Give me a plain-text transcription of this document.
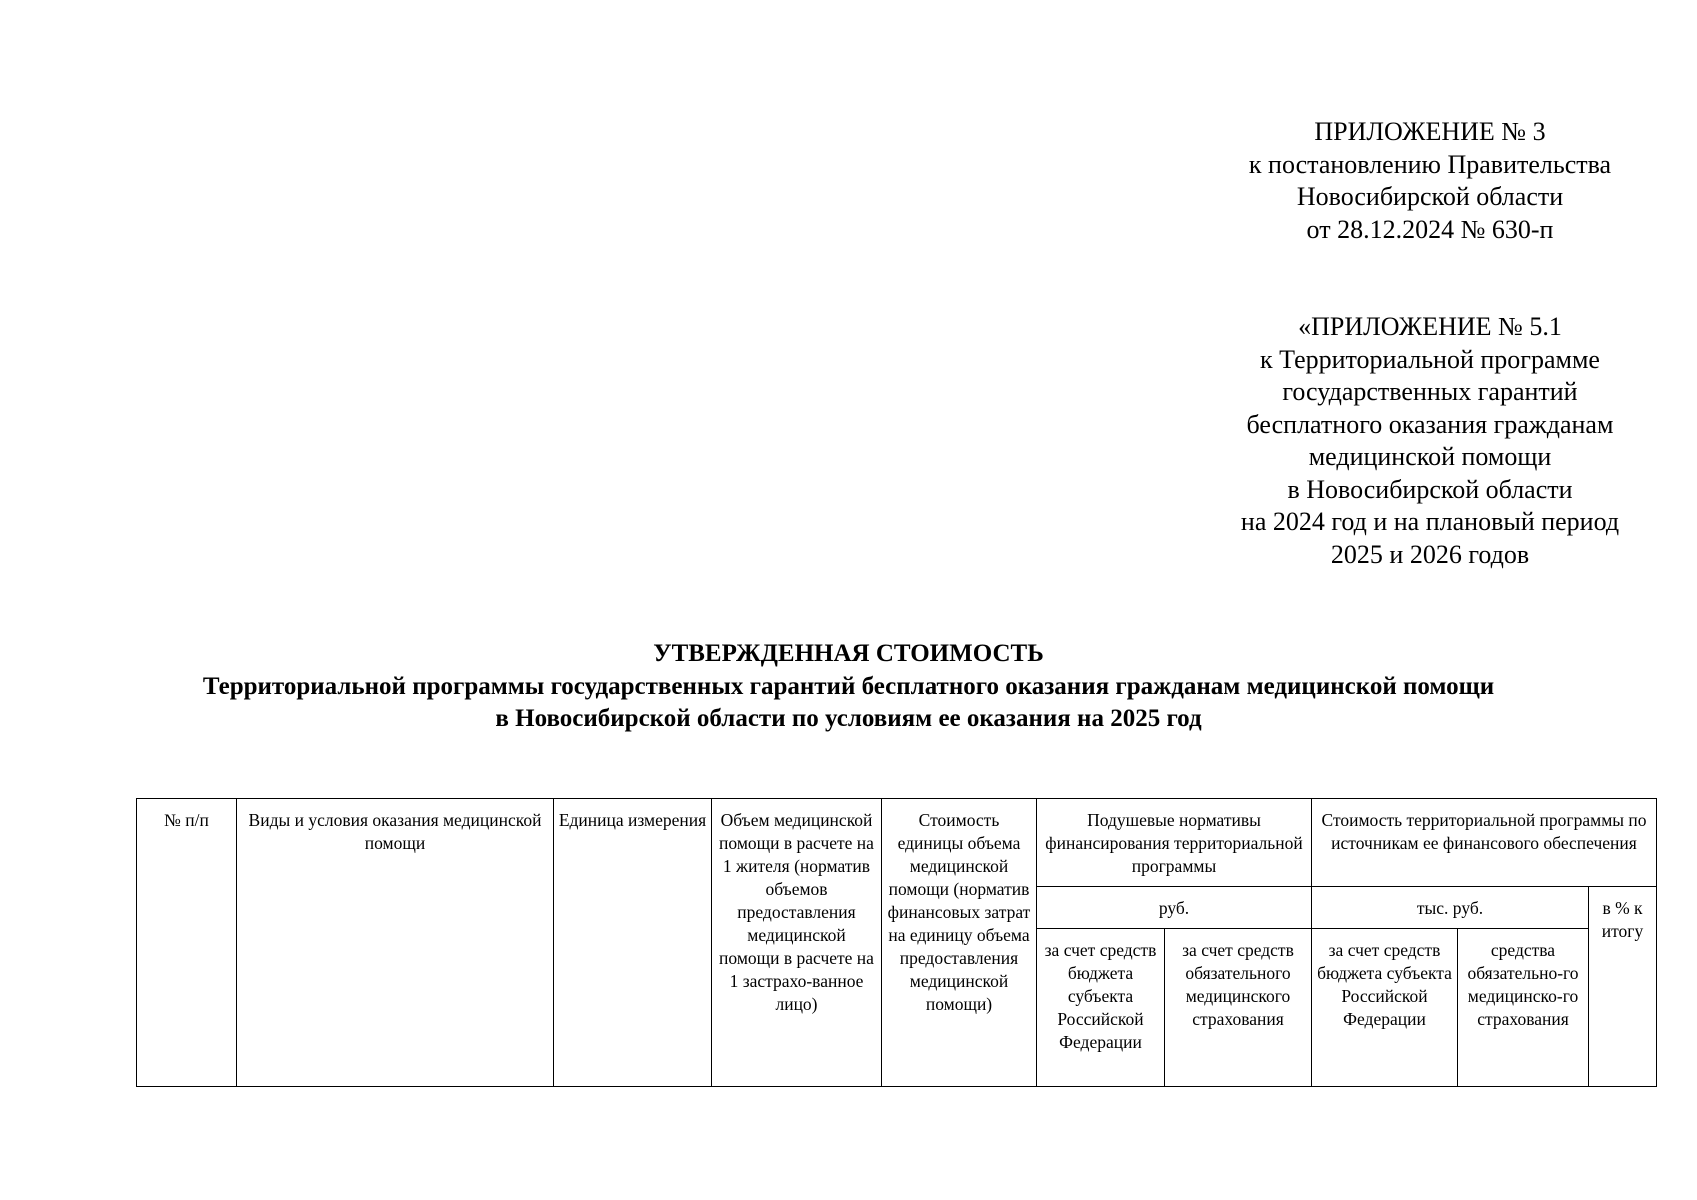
ПРИЛОЖЕНИЕ № 3
к постановлению Правительства
Новосибирской области
от 28.12.2024 № 630-п
«ПРИЛОЖЕНИЕ № 5.1
к Территориальной программе
государственных гарантий
бесплатного оказания гражданам
медицинской помощи
в Новосибирской области
на 2024 год и на плановый период
2025 и 2026 годов
УТВЕРЖДЕННАЯ СТОИМОСТЬ
Территориальной программы государственных гарантий бесплатного оказания гражданам медицинской помощи
в Новосибирской области по условиям ее оказания на 2025 год
№ п/п	Виды и условия оказания медицинской помощи	Единица измерения	Объем медицинской помощи в расчете на 1 жителя (норматив объемов предоставления медицинской помощи в расчете на 1 застрахо-ванное лицо)	Стоимость единицы объема медицинской помощи (норматив финансовых затрат на единицу объема предоставления медицинской помощи)	Подушевые нормативы финансирования территориальной программы		Стоимость территориальной программы по источникам ее финансового обеспечения		
					руб.		тыс. руб.		в % к итогу
					за счет средств бюджета субъекта Российской Федерации	за счет средств обязательного медицинского страхования	за счет средств бюджета субъекта Российской Федерации	средства обязательно-го медицинско-го страхования	
